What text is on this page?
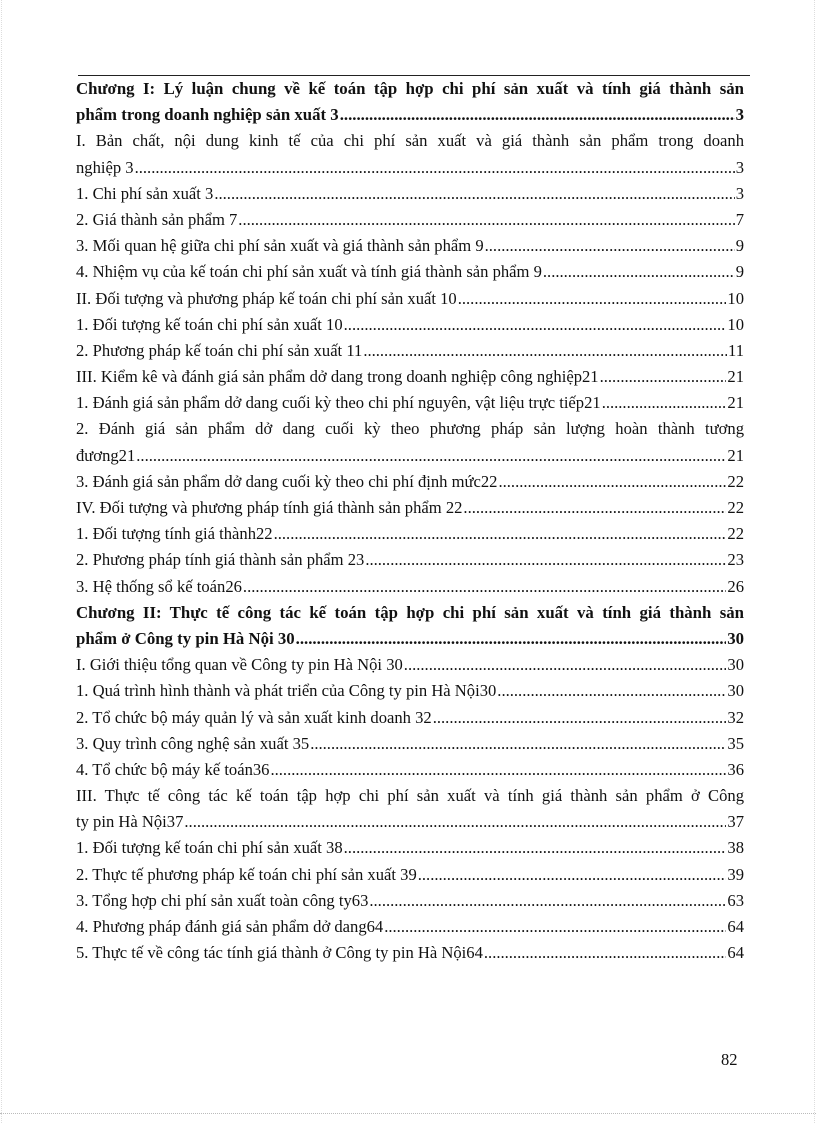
Chương I: Lý luận chung về kế toán tập hợp chi phí sản xuất và tính giá thành sản
phẩm trong doanh nghiệp sản xuất 3 .....	3
I. Bản chất, nội dung kinh tế của chi phí sản xuất và giá thành sản phẩm trong doanh
nghiệp 3 .....	3
1. Chi phí sản xuất 3 .....	3
2. Giá thành sản phẩm 7 .....	7
3. Mối quan hệ giữa chi phí sản xuất và giá thành sản phẩm 9 .....	9
4. Nhiệm vụ của kế toán chi phí sản xuất và tính giá thành sản phẩm 9 .....	9
II. Đối tượng và phương pháp kế toán chi phí sản xuất 10 .....	10
1. Đối tượng kế toán chi phí sản xuất 10 .....	10
2. Phương pháp kế toán chi phí sản xuất 11 .....	11
III. Kiểm kê và đánh giá sản phẩm dở dang trong doanh nghiệp công nghiệp21 .....	21
1. Đánh giá sản phẩm dở dang cuối kỳ theo chi phí nguyên, vật liệu trực tiếp21 .....	21
2. Đánh giá sản phẩm dở dang cuối kỳ theo phương pháp sản lượng hoàn thành tương
đương21 .....	21
3. Đánh giá sản phẩm dở dang cuối kỳ theo chi phí định mức22 .....	22
IV. Đối tượng và phương pháp tính giá thành sản phẩm 22 .....	22
1. Đối tượng tính giá thành22 .....	22
2. Phương pháp tính giá thành sản phẩm 23 .....	23
3. Hệ thống sổ kế toán26 .....	26
Chương II: Thực tế công tác kế toán tập hợp chi phí sản xuất và tính giá thành sản
phẩm ở Công ty pin Hà Nội 30 .....	30
I. Giới thiệu tổng quan về Công ty pin Hà Nội 30 .....	30
1. Quá trình hình thành và phát triển của Công ty pin Hà Nội30 .....	30
2. Tổ chức bộ máy quản lý và sản xuất kinh doanh 32 .....	32
3. Quy trình công nghệ sản xuất 35 .....	35
4. Tổ chức bộ máy kế toán36 .....	36
III. Thực tế công tác kế toán tập hợp chi phí sản xuất và tính giá thành sản phẩm ở Công
ty pin Hà Nội37 .....	37
1. Đối tượng kế toán chi phí sản xuất 38 .....	38
2. Thực tế phương pháp kế toán chi phí sản xuất 39 .....	39
3. Tổng hợp chi phí sản xuất toàn công ty63 .....	63
4. Phương pháp đánh giá sản phẩm dở dang64 .....	64
5. Thực tế về công tác tính giá thành ở Công ty pin Hà Nội64 .....	64
82
